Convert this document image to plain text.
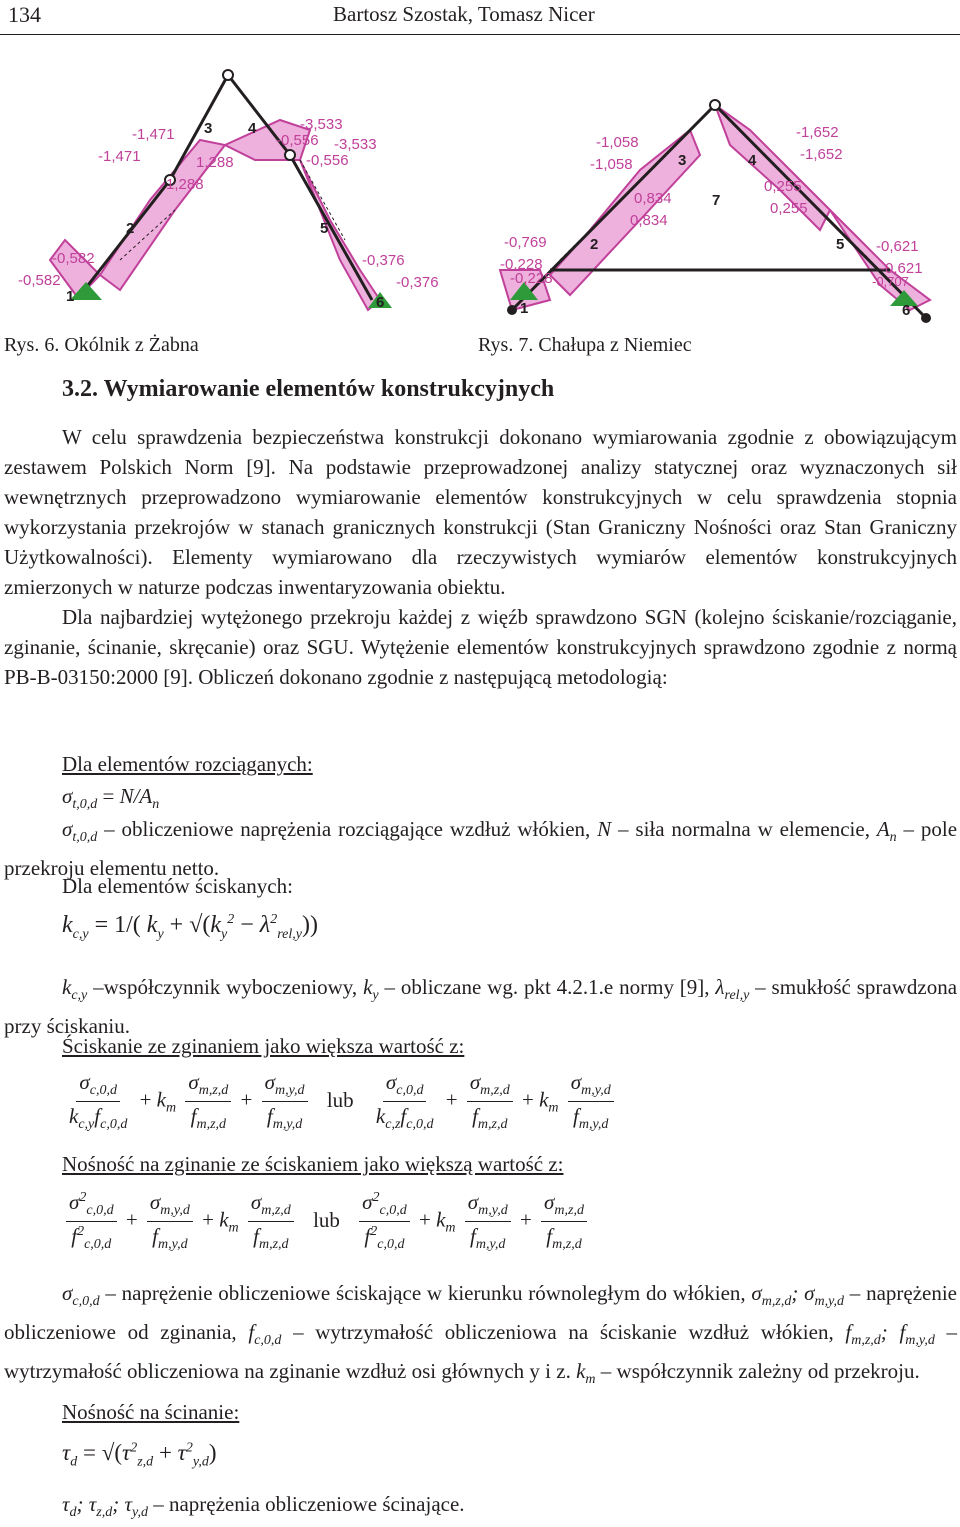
134	Bartosz Szostak, Tomasz Nicer
1
2
3 4
5
6
-0,582
-0,582
-1,471
-1,471	1,288
1,288
-3,533
-0,556 -3,533
-0,556
-0,376
-0,376
1
2
3	4
5
6
7
-0,769
-0,228
-0,228
-1,058
-1,058
0,834
0,834
-1,652
-1,652
0,255
0,255
-0,621
-0,621
-0,707
Rys. 6. Okólnik z Żabna	Rys. 7. Chałupa z Niemiec
3.2. Wymiarowanie elementów konstrukcyjnych

W celu sprawdzenia bezpieczeństwa konstrukcji dokonano wymiarowania zgodnie z obowiązującym zestawem Polskich Norm [9]. Na podstawie przeprowadzonej analizy statycznej oraz wyznaczonych sił wewnętrznych przeprowadzono wymiarowanie elementów konstrukcyjnych w celu sprawdzenia stopnia wykorzystania przekrojów w stanach granicznych konstrukcji (Stan Graniczny Nośności oraz Stan Graniczny Użytkowalności). Elementy wymiarowano dla rzeczywistych wymiarów elementów konstrukcyjnych zmierzonych w naturze podczas inwentaryzowania obiektu.

Dla najbardziej wytężonego przekroju każdej z więźb sprawdzono SGN (kolejno ściskanie/rozciąganie, zginanie, ścinanie, skręcanie) oraz SGU. Wytężenie elementów konstrukcyjnych sprawdzono zgodnie z normą PB-B-03150:2000 [9]. Obliczeń dokonano zgodnie z następującą metodologią:

Dla elementów rozciąganych:
$\sigma_{t,0,d} = N/A_n$

$\sigma_{t,0,d}$ – obliczeniowe naprężenia rozciągające wzdłuż włókien, N – siła normalna w elemencie, $A_n$ – pole przekroju elementu netto.

Dla elementów ściskanych:
$k_{c,y} = 1/$( $k_y + √(k_y^2 - \lambda^2_{rel,y})$)

$k_{c,y}$ –współczynnik wyboczeniowy, $k_y$ – obliczane wg. pkt 4.2.1.e normy [9], $\lambda_{rel,y}$ – smukłość sprawdzona przy ściskaniu.

Ściskanie ze zginaniem jako większa wartość z:
$\frac{\sigma_{c,0,d}}{k_{c,y}f_{c,0,d}} + k_m \frac{\sigma_{m,z,d}}{f_{m,z,d}} + \frac{\sigma_{m,y,d}}{f_{m,y,d}}$ lub $\frac{\sigma_{c,0,d}}{k_{c,z}f_{c,0,d}} + \frac{\sigma_{m,z,d}}{f_{m,z,d}} + k_m \frac{\sigma_{m,y,d}}{f_{m,y,d}}$
Nośność na zginanie ze ściskaniem jako większą wartość z:
$\frac{\sigma^2_{c,0,d}}{f^2_{c,0,d}} + \frac{\sigma_{m,y,d}}{f_{m,y,d}} + k_m \frac{\sigma_{m,z,d}}{f_{m,z,d}}$ lub $\frac{\sigma^2_{c,0,d}}{f^2_{c,0,d}} + k_m \frac{\sigma_{m,y,d}}{f_{m,y,d}} + \frac{\sigma_{m,z,d}}{f_{m,z,d}}$

$\sigma_{c,0,d}$ – naprężenie obliczeniowe ściskające w kierunku równoległym do włókien, $\sigma_{m,z,d}$; $\sigma_{m,y,d}$ – naprężenie obliczeniowe od zginania, $f_{c,0,d}$ – wytrzymałość obliczeniowa na ściskanie wzdłuż włókien, $f_{m,z,d}$; $f_{m,y,d}$ – wytrzymałość obliczeniowa na zginanie wzdłuż osi głównych y i z. $k_m$ – współczynnik zależny od przekroju.

Nośność na ścinanie:
$\tau_d = √(\tau^2_{z,d} + \tau^2_{y,d})$
$\tau_d$; $\tau_{z,d}$; $\tau_{y,d}$ – naprężenia obliczeniowe ścinające.
